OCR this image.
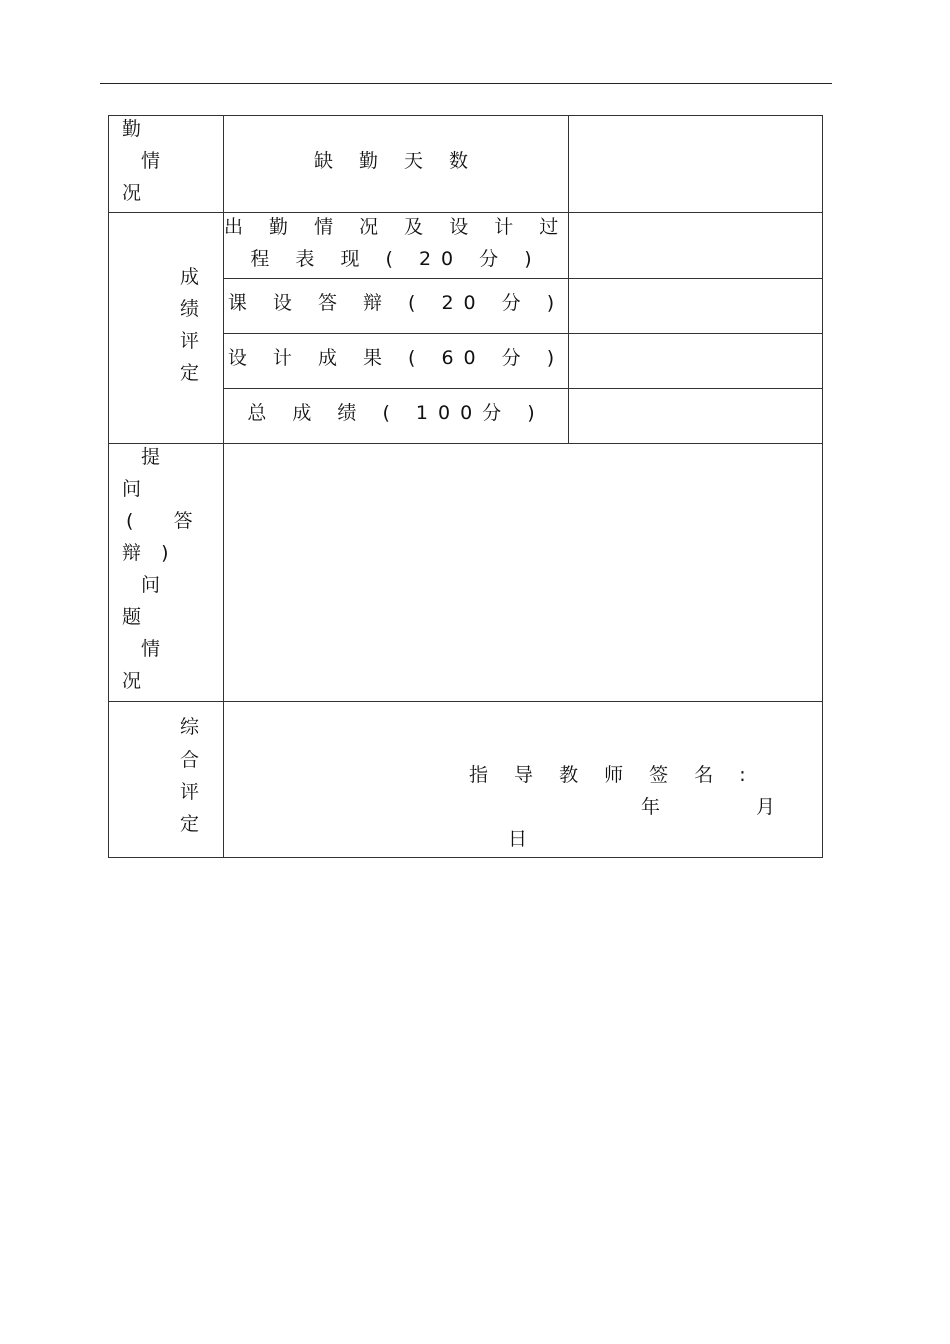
勤
情
况
缺 勤 天 数
成
绩
评
定
出 勤 情 况 及 设 计 过
程 表 现 ( 20 分 )
课 设 答 辩 ( 20 分 )
设 计 成 果 ( 60 分 )
总 成 绩 ( 100分 )
提
问
(    答
辩  )
问
题
情
况
综
合
评
定
指 导 教 师 签 名 :
年	月
日
